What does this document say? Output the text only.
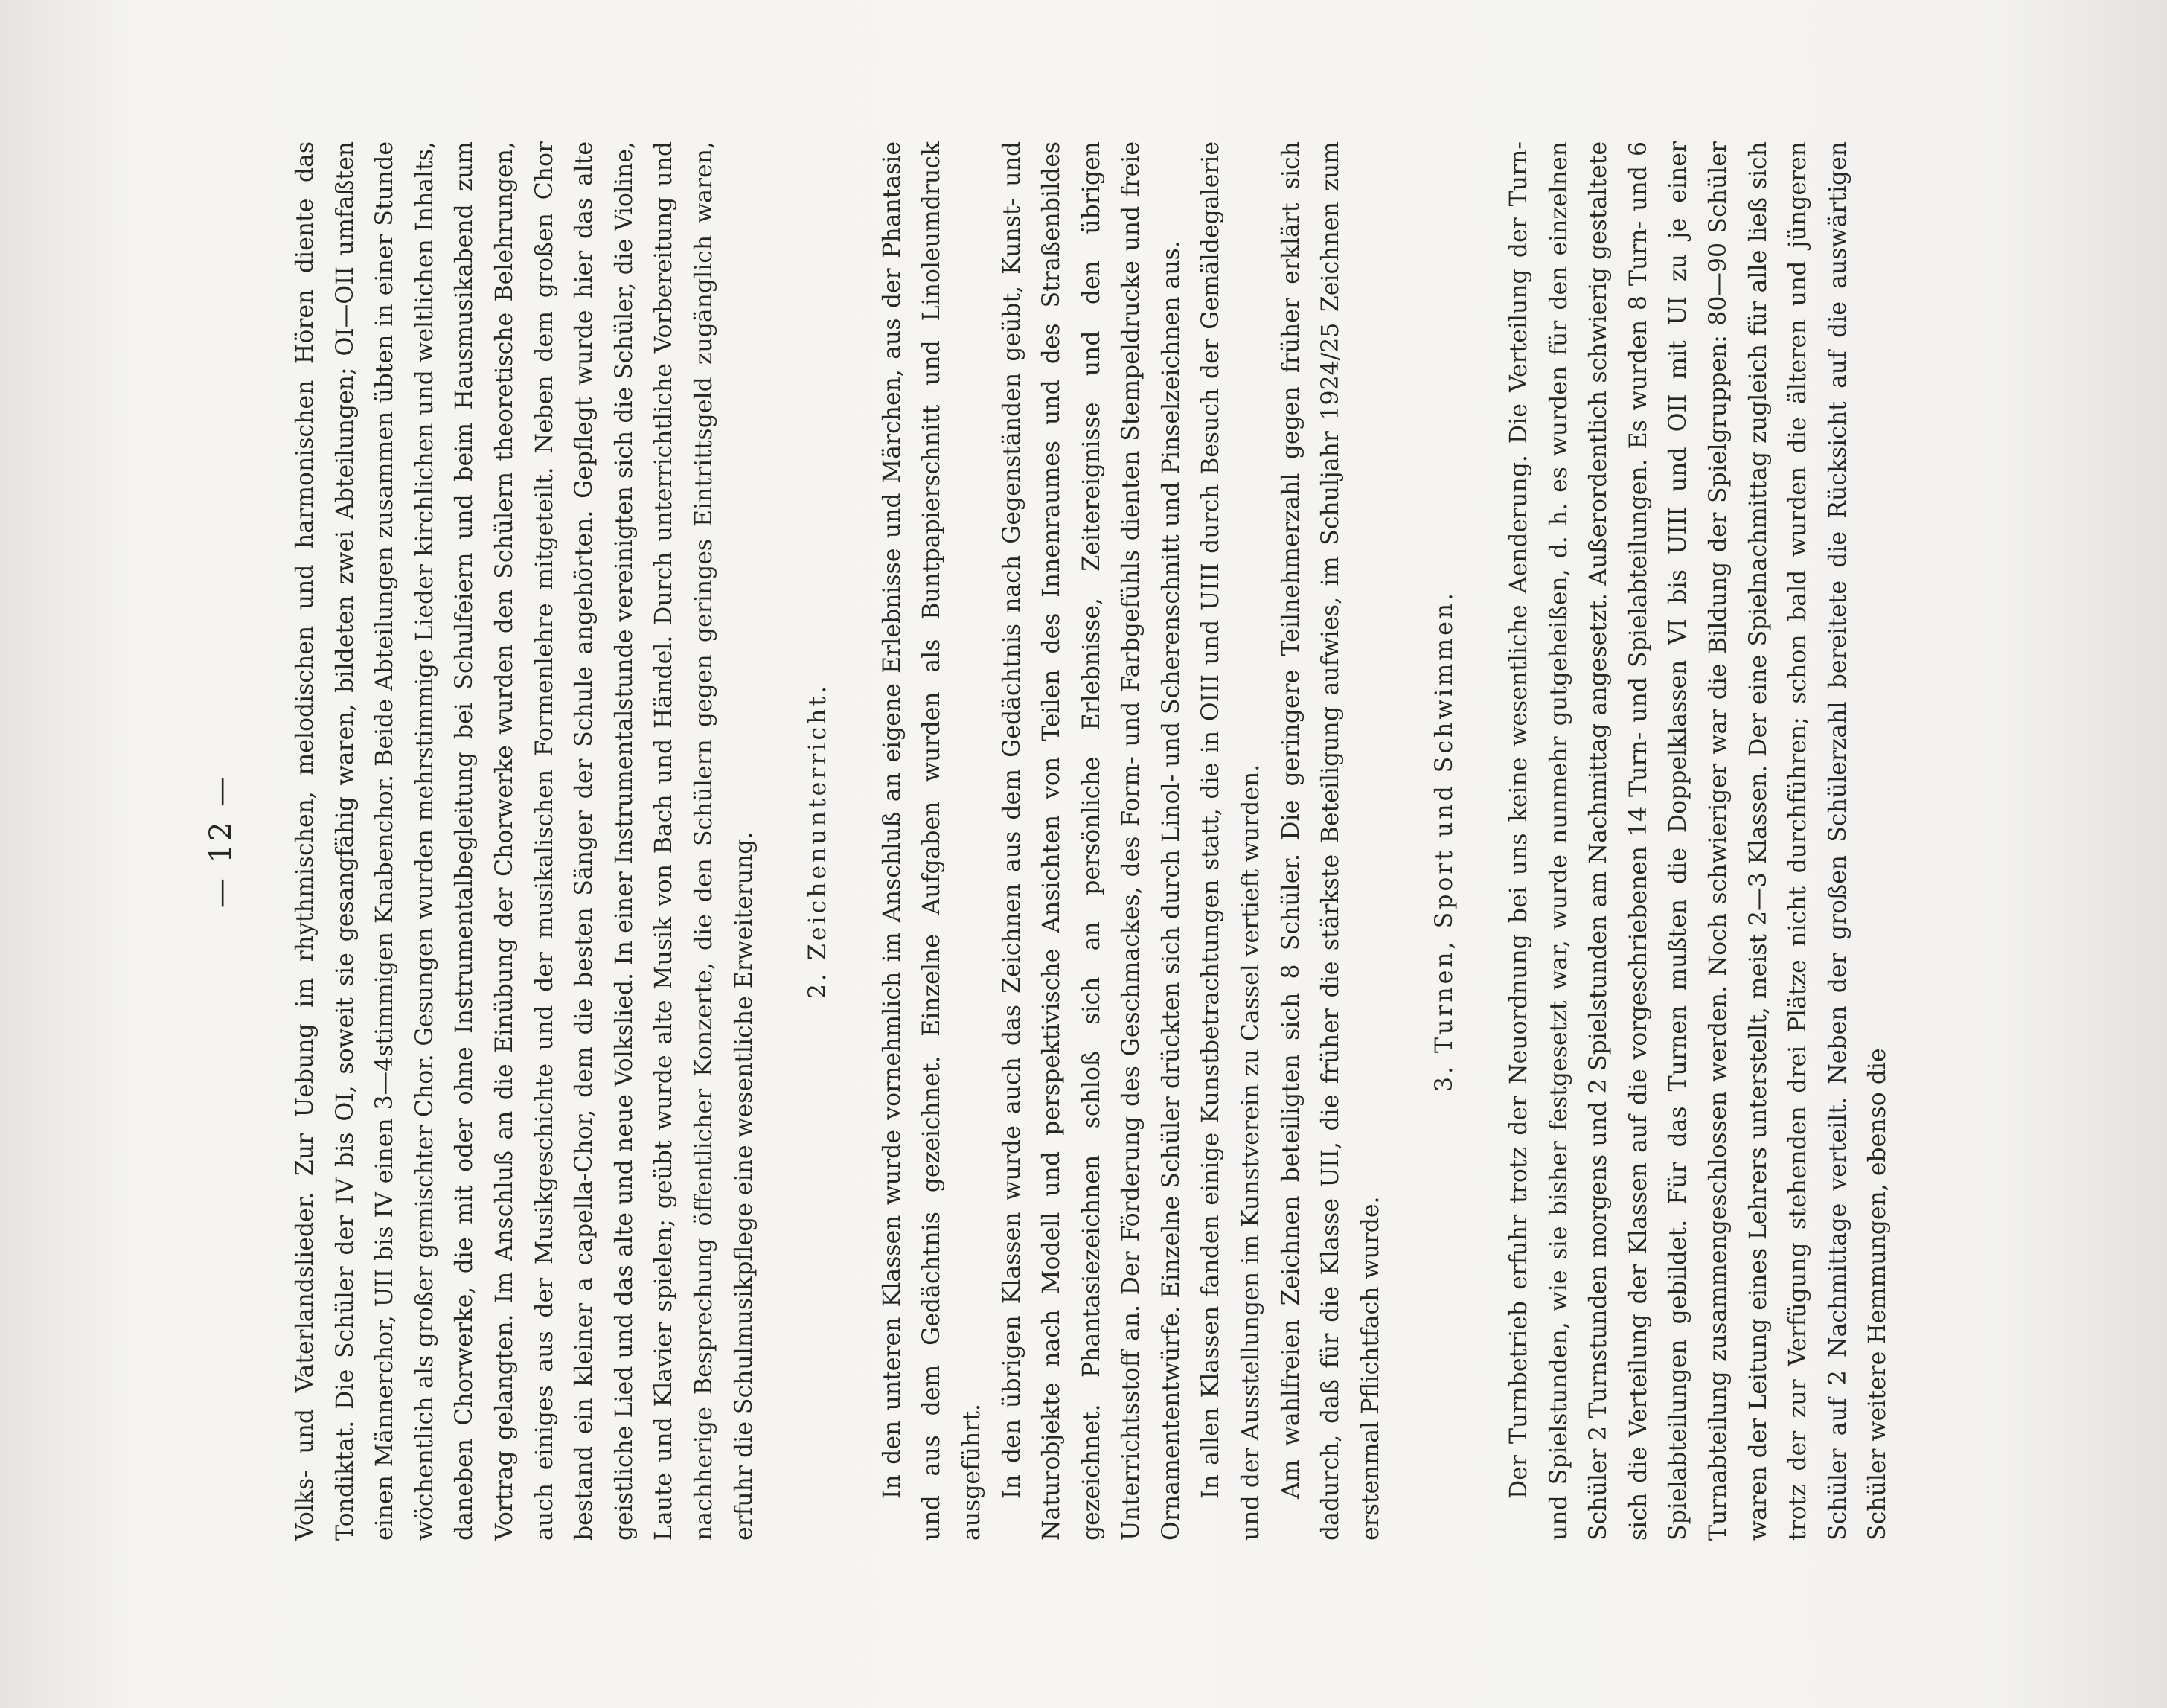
— 12 — Volks- und Vaterlandslieder. Zur Uebung im rhythmischen, melodischen und harmonischen Hören diente das Tondiktat. Die Schüler der IV bis OI, soweit sie gesangfähig waren, bildeten zwei Abteilungen; OI—OII umfaßten einen Männerchor, UII bis IV einen 3—4stimmigen Knabenchor. Beide Abteilungen zusammen übten in einer Stunde wöchentlich als großer gemischter Chor. Gesungen wurden mehrstimmige Lieder kirchlichen und weltlichen Inhalts, daneben Chorwerke, die mit oder ohne Instrumentalbegleitung bei Schulfeiern und beim Hausmusikabend zum Vortrag gelangten. Im Anschluß an die Einübung der Chorwerke wurden den Schülern theoretische Belehrungen, auch einiges aus der Musikgeschichte und der musikalischen Formenlehre mitgeteilt. Neben dem großen Chor bestand ein kleiner a capella-Chor, dem die besten Sänger der Schule angehörten. Gepflegt wurde hier das alte geistliche Lied und das alte und neue Volkslied. In einer Instrumentalstunde vereinigten sich die Schüler, die Violine, Laute und Klavier spielen; geübt wurde alte Musik von Bach und Händel. Durch unterrichtliche Vorbereitung und nachherige Besprechung öffentlicher Konzerte, die den Schülern gegen geringes Eintrittsgeld zugänglich waren, erfuhr die Schulmusikpflege eine wesentliche Erweiterung.	2. Zeichenunterricht.	In den unteren Klassen wurde vornehmlich im Anschluß an eigene Erlebnisse und Märchen, aus der Phantasie und aus dem Gedächtnis gezeichnet. Einzelne Aufgaben wurden als Buntpapierschnitt und Linoleumdruck ausgeführt. In den übrigen Klassen wurde auch das Zeichnen aus dem Gedächtnis nach Gegenständen geübt, Kunst- und Naturobjekte nach Modell und perspektivische Ansichten von Teilen des Innenraumes und des Straßenbildes gezeichnet. Phantasiezeichnen schloß sich an persönliche Erlebnisse, Zeitereignisse und den übrigen Unterrichtsstoff an. Der Förderung des Geschmackes, des Form- und Farbgefühls dienten Stempeldrucke und freie Ornamententwürfe. Einzelne Schüler drückten sich durch Linol- und Scherenschnitt und Pinselzeichnen aus. In allen Klassen fanden einige Kunstbetrachtungen statt, die in OIII und UIII durch Besuch der Gemäldegalerie und der Ausstellungen im Kunstverein zu Cassel vertieft wurden. Am wahlfreien Zeichnen beteiligten sich 8 Schüler. Die geringere Teilnehmerzahl gegen früher erklärt sich dadurch, daß für die Klasse UII, die früher die stärkste Beteiligung aufwies, im Schuljahr 1924/25 Zeichnen zum erstenmal Pflichtfach wurde.

3. Turnen, Sport und Schwimmen.	Der Turnbetrieb erfuhr trotz der Neuordnung bei uns keine wesentliche Aenderung. Die Verteilung der Turn- und Spielstunden, wie sie bisher festgesetzt war, wurde nunmehr gutgeheißen, d. h. es wurden für den einzelnen Schüler 2 Turnstunden morgens und 2 Spielstunden am Nachmittag angesetzt. Außerordentlich schwierig gestaltete sich die Verteilung der Klassen auf die vorgeschriebenen 14 Turn- und Spielabteilungen. Es wurden 8 Turn- und 6 Spielabteilungen gebildet. Für das Turnen mußten die Doppelklassen VI bis UIII und OII mit UI zu je einer Turnabteilung zusammengeschlossen werden. Noch schwieriger war die Bildung der Spielgruppen: 80—90 Schüler waren der Leitung eines Lehrers unterstellt, meist 2—3 Klassen. Der eine Spielnachmittag zugleich für alle ließ sich trotz der zur Verfügung stehenden drei Plätze nicht durchführen; schon bald wurden die älteren und jüngeren Schüler auf 2 Nachmittage verteilt. Neben der großen Schülerzahl bereitete die Rücksicht auf die auswärtigen Schüler weitere Hemmungen, ebenso die
